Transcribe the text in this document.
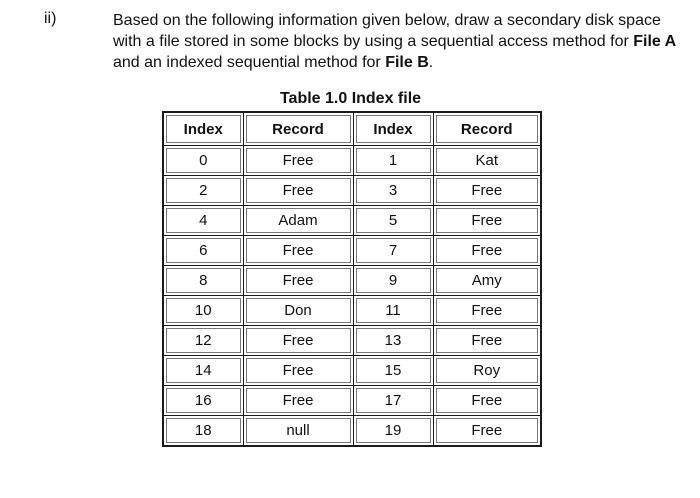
ii)	Based on the following information given below, draw a secondary disk space with a file stored in some blocks by using a sequential access method for File A and an indexed sequential method for File B.
Table 1.0 Index file
Index	Record	Index	Record
0	Free	1	Kat
2	Free	3	Free
4	Adam	5	Free
6	Free	7	Free
8	Free	9	Amy
10	Don	11	Free
12	Free	13	Free
14	Free	15	Roy
16	Free	17	Free
18	null	19	Free
